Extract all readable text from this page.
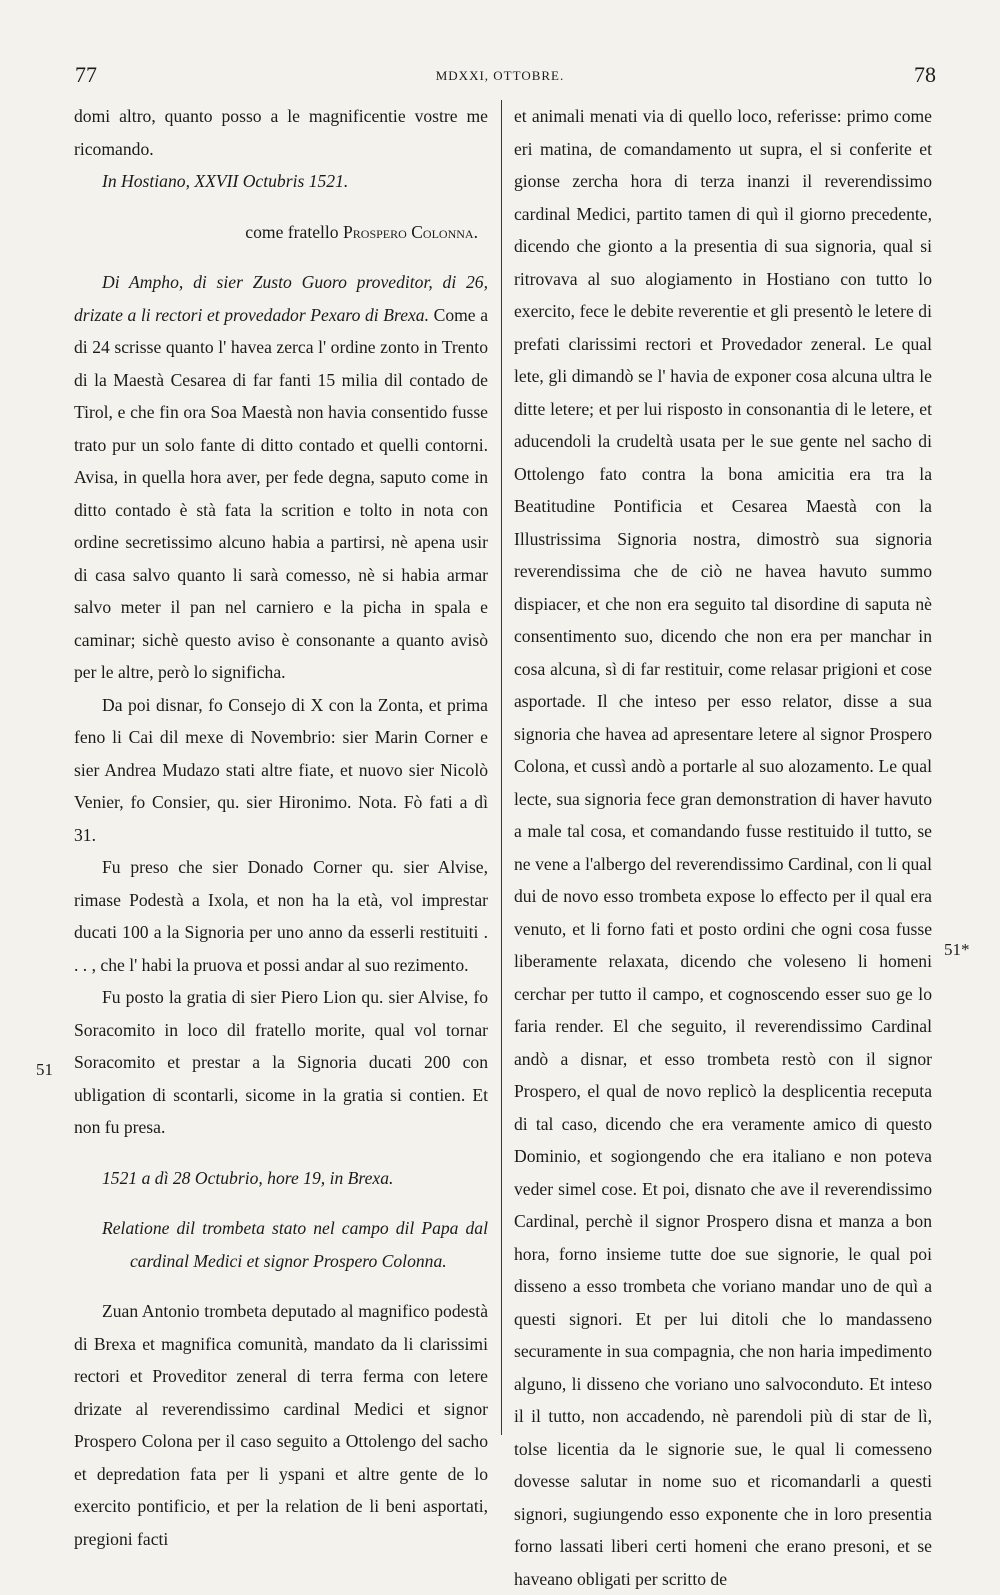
77	MDXXI, OTTOBRE.	78

domi altro, quanto posso a le magnificentie vostre me ricomando.

In Hostiano, XXVII Octubris 1521.

come fratello Prospero Colonna.

Di Ampho, di sier Zusto Guoro proveditor, di 26, drizate a li rectori et provedador Pexaro di Brexa. Come a di 24 scrisse quanto l' havea zerca l' ordine zonto in Trento di la Maestà Cesarea di far fanti 15 milia dil contado de Tirol, e che fin ora Soa Maestà non havia consentido fusse trato pur un solo fante di ditto contado et quelli contorni. Avisa, in quella hora aver, per fede degna, saputo come in ditto contado è stà fata la scrition e tolto in nota con ordine secretissimo alcuno habia a partirsi, nè apena usir di casa salvo quanto li sarà comesso, nè si habia armar salvo meter il pan nel carniero e la picha in spala e caminar; sichè questo aviso è consonante a quanto avisò per le altre, però lo significha.

Da poi disnar, fo Consejo di X con la Zonta, et prima feno li Cai dil mexe di Novembrio: sier Marin Corner e sier Andrea Mudazo stati altre fiate, et nuovo sier Nicolò Venier, fo Consier, qu. sier Hironimo. Nota. Fò fati a dì 31.

Fu preso che sier Donado Corner qu. sier Alvise, rimase Podestà a Ixola, et non ha la età, vol imprestar ducati 100 a la Signoria per uno anno da esserli restituiti . . . , che l' habi la pruova et possi andar al suo rezimento.

Fu posto la gratia di sier Piero Lion qu. sier Alvise, fo Soracomito in loco dil fratello morite, qual vol tornar Soracomito et prestar a la Signoria ducati 200 con ubligation di scontarli, sicome in la gratia si contien. Et non fu presa.

1521 a dì 28 Octubrio, hore 19, in Brexa.

Relatione dil trombeta stato nel campo dil Papa dal cardinal Medici et signor Prospero Colonna.

Zuan Antonio trombeta deputado al magnifico podestà di Brexa et magnifica comunità, mandato da li clarissimi rectori et Proveditor zeneral di terra ferma con letere drizate al reverendissimo cardinal Medici et signor Prospero Colona per il caso seguito a Ottolengo del sacho et depredation fata per li yspani et altre gente de lo exercito pontificio, et per la relation de li beni asportati, pregioni facti

51

et animali menati via di quello loco, referisse: primo come eri matina, de comandamento ut supra, el si conferite et gionse zercha hora di terza inanzi il reverendissimo cardinal Medici, partito tamen di quì il giorno precedente, dicendo che gionto a la presentia di sua signoria, qual si ritrovava al suo alogiamento in Hostiano con tutto lo exercito, fece le debite reverentie et gli presentò le letere di prefati clarissimi rectori et Provedador zeneral. Le qual lete, gli dimandò se l' havia de exponer cosa alcuna ultra le ditte letere; et per lui risposto in consonantia di le letere, et aducendoli la crudeltà usata per le sue gente nel sacho di Ottolengo fato contra la bona amicitia era tra la Beatitudine Pontificia et Cesarea Maestà con la Illustrissima Signoria nostra, dimostrò sua signoria reverendissima che de ciò ne havea havuto summo dispiacer, et che non era seguito tal disordine di saputa nè consentimento suo, dicendo che non era per manchar in cosa alcuna, sì di far restituir, come relasar prigioni et cose asportade. Il che inteso per esso relator, disse a sua signoria che havea ad apresentare letere al signor Prospero Colona, et cussì andò a portarle al suo alozamento. Le qual lecte, sua signoria fece gran demonstration di haver havuto a male tal cosa, et comandando fusse restituido il tutto, se ne vene a l'albergo del reverendissimo Cardinal, con li qual dui de novo esso trombeta expose lo effecto per il qual era venuto, et li forno fati et posto ordini che ogni cosa fusse liberamente relaxata, dicendo che voleseno li homeni cerchar per tutto il campo, et cognoscendo esser suo ge lo faria render. El che seguito, il reverendissimo Cardinal andò a disnar, et esso trombeta restò con il signor Prospero, el qual de novo replicò la desplicentia receputa di tal caso, dicendo che era veramente amico di questo Dominio, et sogiongendo che era italiano e non poteva veder simel cose. Et poi, disnato che ave il reverendissimo Cardinal, perchè il signor Prospero disna et manza a bon hora, forno insieme tutte doe sue signorie, le qual poi disseno a esso trombeta che voriano mandar uno de quì a questi signori. Et per lui ditoli che lo mandasseno securamente in sua compagnia, che non haria impedimento alguno, li disseno che voriano uno salvoconduto. Et inteso il il tutto, non accadendo, nè parendoli più di star de lì, tolse licentia da le signorie sue, le qual li comesseno dovesse salutar in nome suo et ricomandarli a questi signori, sugiungendo esso exponente che in loro presentia forno lassati liberi certi homeni che erano presoni, et se haveano obligati per scritto de

51*
